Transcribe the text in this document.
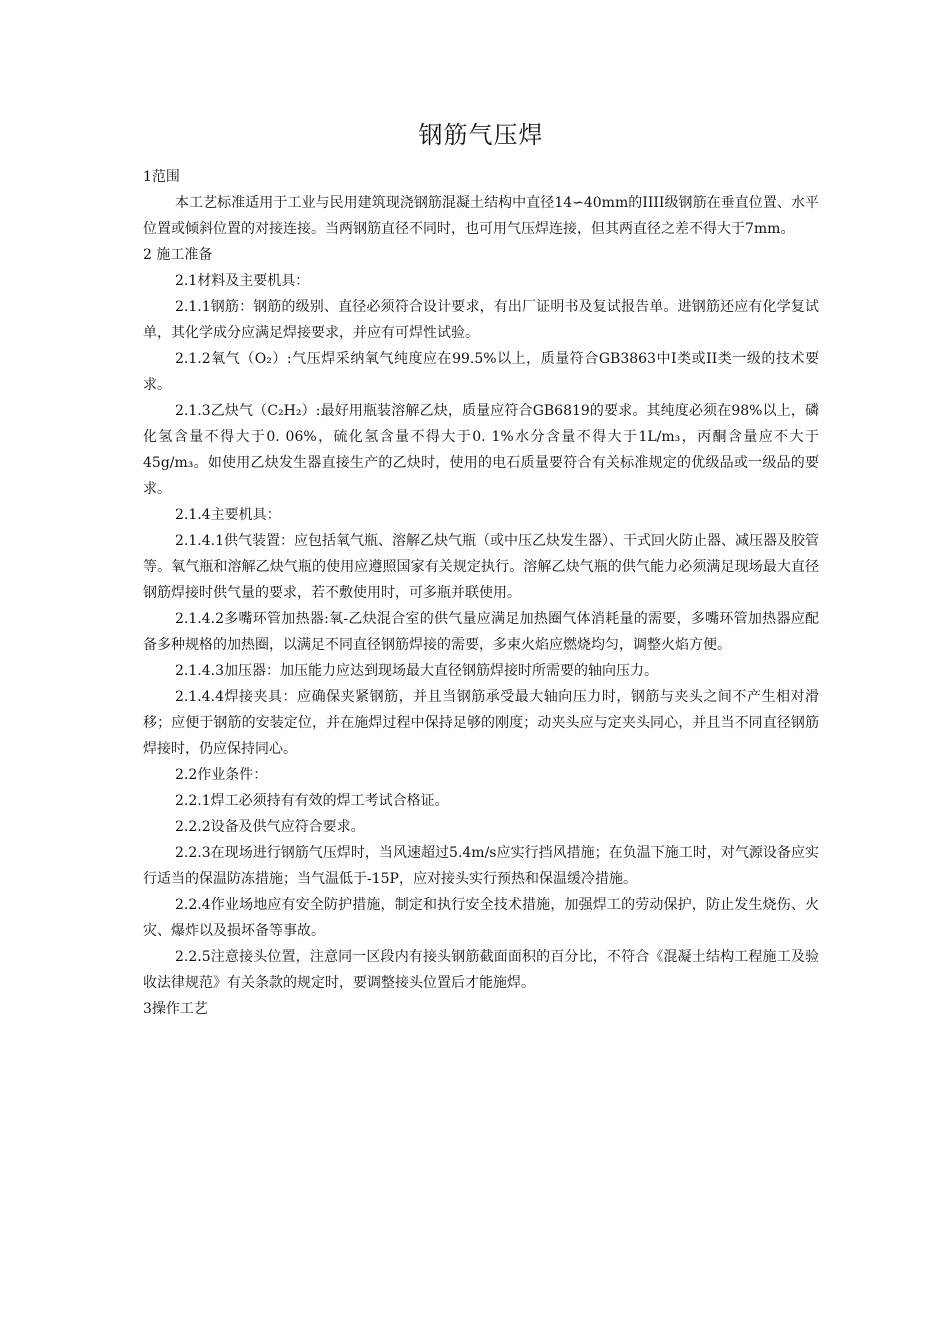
钢筋气压焊

1范围

本工艺标准适用于工业与民用建筑现浇钢筋混凝土结构中直径14∽40mm的IIII级钢筋在垂直位置、水平位置或倾斜位置的对接连接。当两钢筋直径不同时，也可用气压焊连接，但其两直径之差不得大于7mm。

2 施工准备

2.1材料及主要机具：

2.1.1钢筋：钢筋的级别、直径必须符合设计要求，有出厂证明书及复试报告单。进钢筋还应有化学复试单，其化学成分应满足焊接要求，并应有可焊性试验。

2.1.2氧气（O₂）:气压焊采纳氧气纯度应在99.5%以上，质量符合GB3863中I类或II类一级的技术要求。

2.1.3乙炔气（C₂H₂）:最好用瓶装溶解乙炔，质量应符合GB6819的要求。其纯度必须在98%以上，磷化氢含量不得大于0. 06%，硫化氢含量不得大于0. 1%水分含量不得大于1L/m₃，丙酮含量应不大于45g/m₃。如使用乙炔发生器直接生产的乙炔时，使用的电石质量要符合有关标准规定的优级品或一级品的要求。

2.1.4主要机具：

2.1.4.1供气装置：应包括氧气瓶、溶解乙炔气瓶（或中压乙炔发生器）、干式回火防止器、减压器及胶管等。氧气瓶和溶解乙炔气瓶的使用应遵照国家有关规定执行。溶解乙炔气瓶的供气能力必须满足现场最大直径钢筋焊接时供气量的要求，若不敷使用时，可多瓶并联使用。

2.1.4.2多嘴环管加热器:氧-乙炔混合室的供气量应满足加热圈气体消耗量的需要，多嘴环管加热器应配备多种规格的加热圈，以满足不同直径钢筋焊接的需要，多束火焰应燃烧均匀，调整火焰方便。

2.1.4.3加压器：加压能力应达到现场最大直径钢筋焊接时所需要的轴向压力。

2.1.4.4焊接夹具：应确保夹紧钢筋，并且当钢筋承受最大轴向压力时，钢筋与夹头之间不产生相对滑移；应便于钢筋的安装定位，并在施焊过程中保持足够的刚度；动夹头应与定夹头同心，并且当不同直径钢筋焊接时，仍应保持同心。

2.2作业条件：

2.2.1焊工必须持有有效的焊工考试合格证。

2.2.2设备及供气应符合要求。

2.2.3在现场进行钢筋气压焊时，当风速超过5.4m/s应实行挡风措施；在负温下施工时，对气源设备应实行适当的保温防冻措施；当气温低于-15P，应对接头实行预热和保温缓冷措施。

2.2.4作业场地应有安全防护措施，制定和执行安全技术措施，加强焊工的劳动保护，防止发生烧伤、火灾、爆炸以及损坏备等事故。

2.2.5注意接头位置，注意同一区段内有接头钢筋截面面积的百分比，不符合《混凝土结构工程施工及验收法律规范》有关条款的规定时，要调整接头位置后才能施焊。

3操作工艺
